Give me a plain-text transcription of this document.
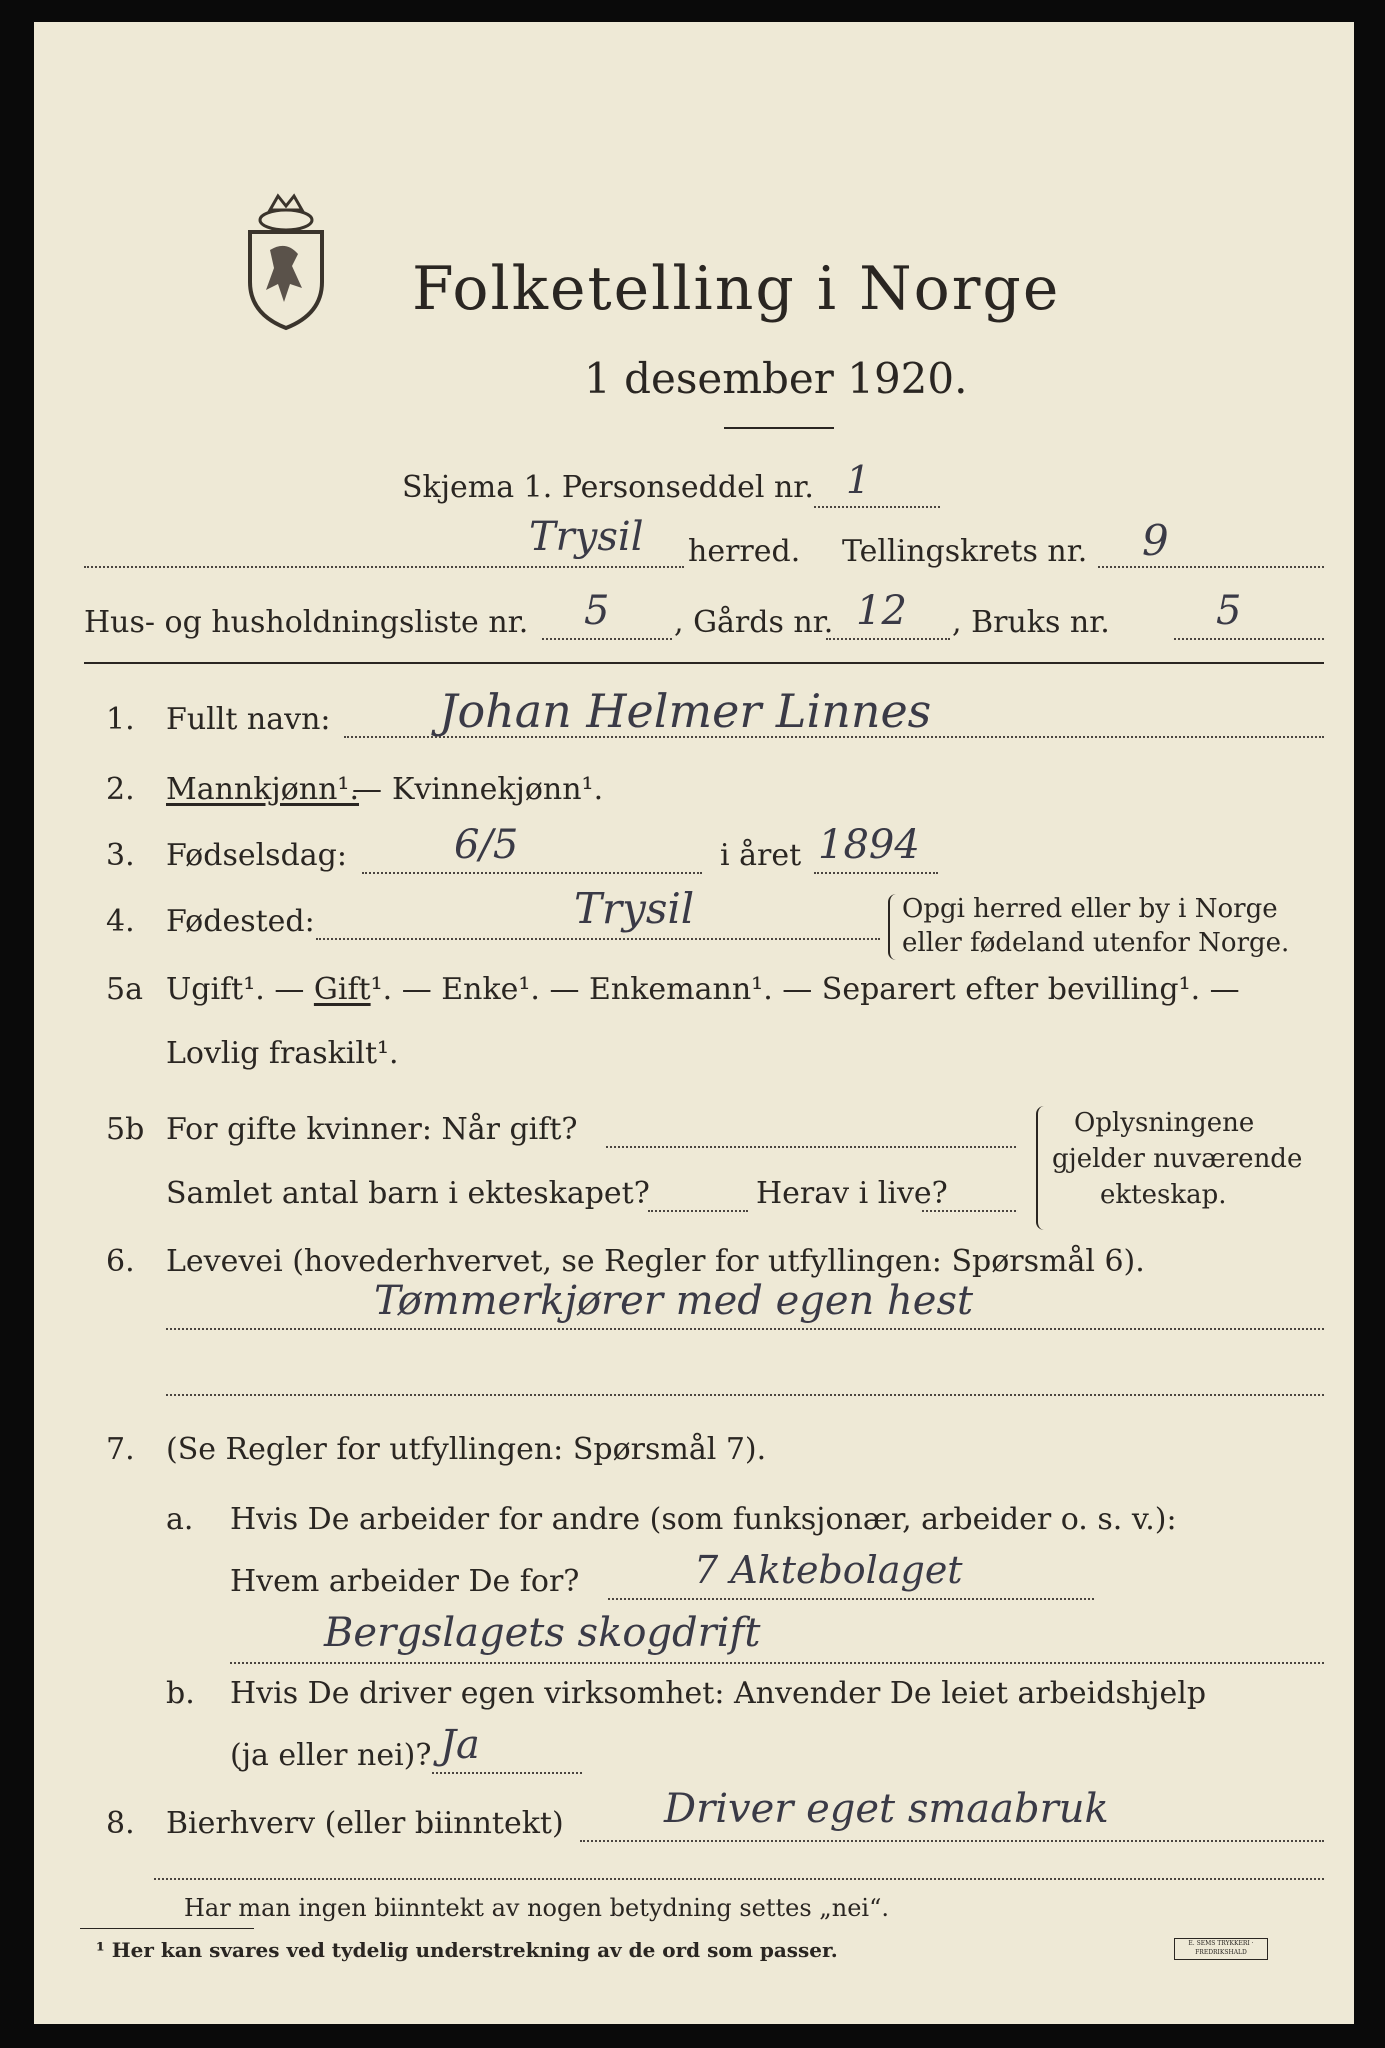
Folketelling i Norge
1 desember 1920.
Skjema 1. Personseddel nr. 1
Trysil herred. Tellingskrets nr. 9
Hus- og husholdningsliste nr. 5 , Gårds nr. 12 , Bruks nr.	5
1. Fullt navn: Johan Helmer Linnes
2. Mannkjønn¹.
— Kvinnekjønn¹.
3. Fødselsdag:	6/5	i året 1894
4. Fødested:	Trysil	Opgi herred eller by i Norge
eller fødeland utenfor Norge.
5a Ugift¹. — Gift¹. — Enke¹. — Enkemann¹. — Separert efter bevilling¹. —
Lovlig fraskilt¹.
5b For gifte kvinner: Når gift?
Samlet antal barn i ekteskapet?	Herav i live?
Oplysningene
gjelder nuværende
ekteskap.
6. Levevei (hovederhvervet, se Regler for utfyllingen: Spørsmål 6).
Tømmerkjører med egen hest
7. (Se Regler for utfyllingen: Spørsmål 7).
a. Hvis De arbeider for andre (som funksjonær, arbeider o. s. v.):
Hvem arbeider De for?	7 Aktebolaget
Bergslagets skogdrift
b. Hvis De driver egen virksomhet: Anvender De leiet arbeidshjelp
(ja eller nei)? Ja
8. Bierhverv (eller biinntekt)	Driver eget smaabruk
Har man ingen biinntekt av nogen betydning settes „nei“.
¹ Her kan svares ved tydelig understrekning av de ord som passer.	E. SEMS TRYKKERI · FREDRIKSHALD
